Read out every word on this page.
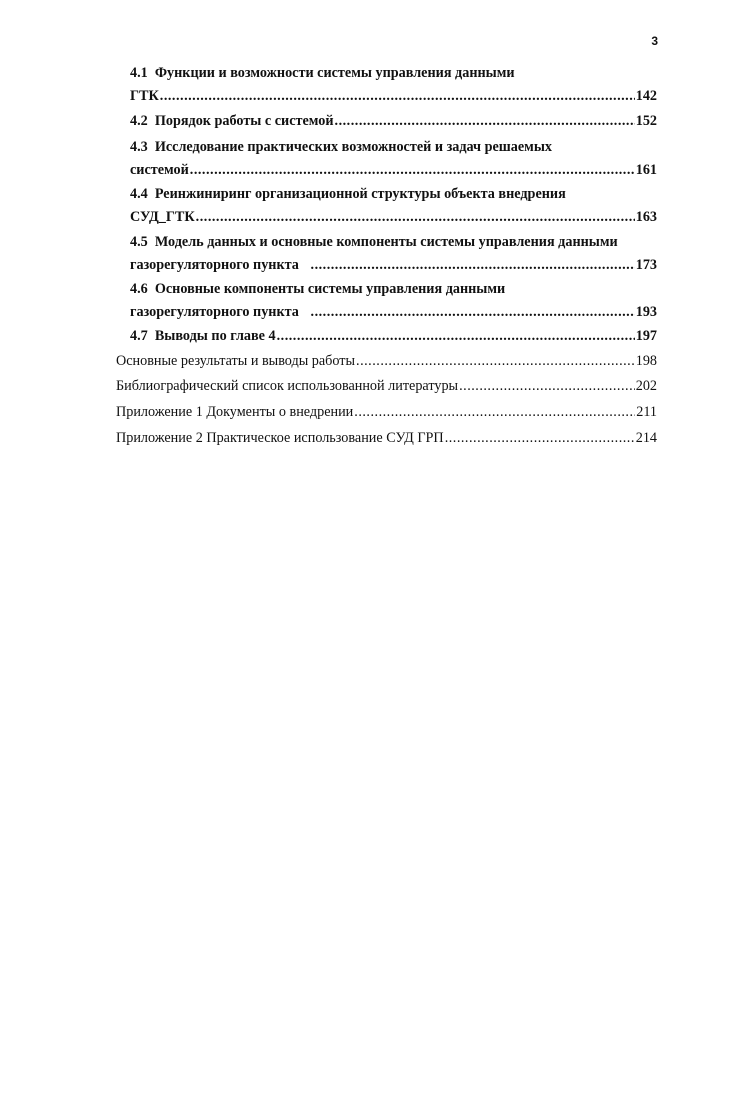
3
4.1 Функции и возможности системы управления данными
ГТК .....	142
4.2
Порядок работы с системой .....	152
4.3 Исследование практических возможностей и задач решаемых
системой .....	161
4.4 Реинжиниринг организационной структуры объекта внедрения
СУД_ГТК .....	163
4.5 Модель данных и основные компоненты системы управления данными
газорегуляторного пункта
.....	173
4.6 Основные компоненты системы управления данными
газорегуляторного пункта
.....	193
4.7
Выводы по главе 4 .....	197
Основные результаты и выводы работы .....	198
Библиографический список использованной литературы .....	202
Приложение 1 Документы о внедрении .....	211
Приложение 2 Практическое использование СУД ГРП .....	214
